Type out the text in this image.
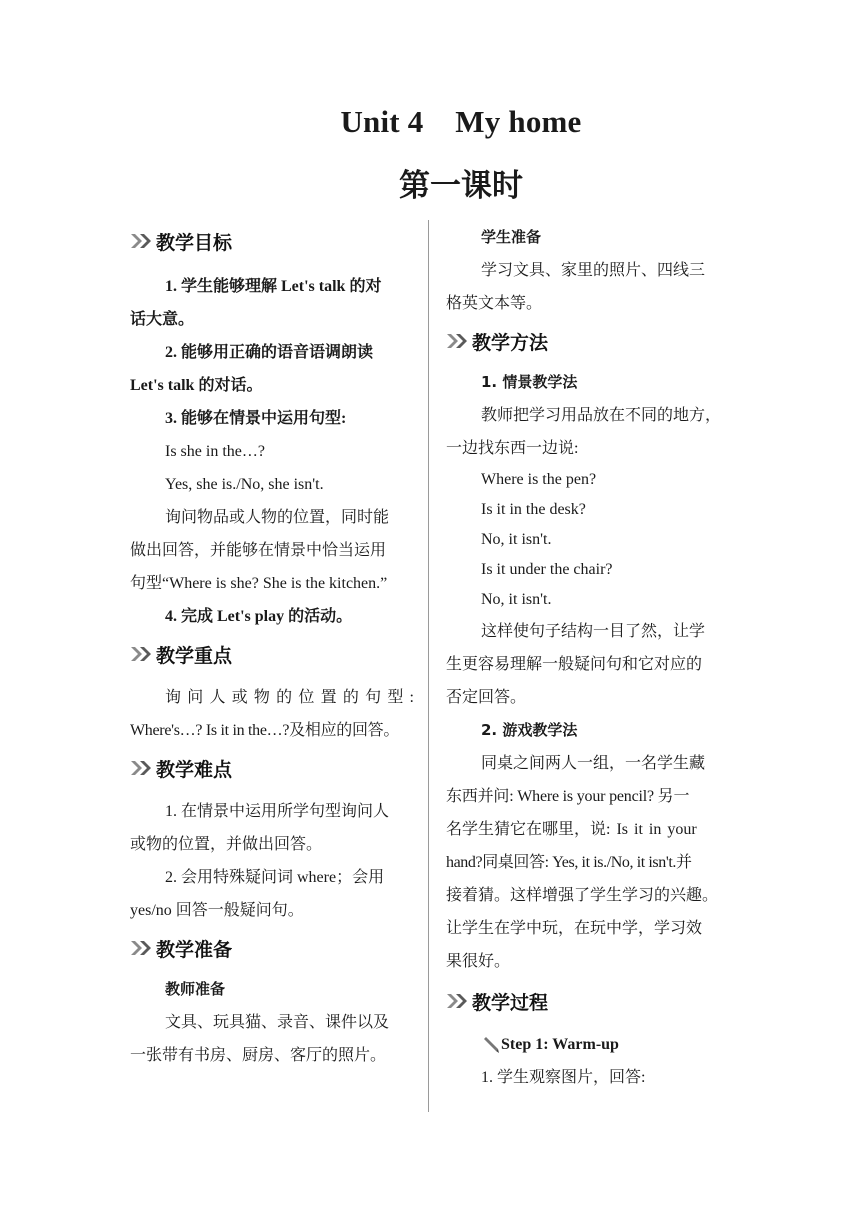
Unit 4    My home
第一课时
教学目标

1. 学生能够理解 Let's talk 的对

话大意。

2. 能够用正确的语音语调朗读

Let's talk 的对话。

3. 能够在情景中运用句型:

Is she in the…?

Yes, she is./No, she isn't.

询问物品或人物的位置，同时能

做出回答，并能够在情景中恰当运用

句型“Where is she? She is the kitchen.”

4. 完成 Let's play 的活动。

教学重点

询 问 人 或 物 的 位 置 的 句 型 :

Where's…? Is it in the…?及相应的回答。

教学难点

1. 在情景中运用所学句型询问人

或物的位置，并做出回答。

2. 会用特殊疑问词 where；会用

yes/no 回答一般疑问句。

教学准备

教师准备

文具、玩具猫、录音、课件以及

一张带有书房、厨房、客厅的照片。

学生准备

学习文具、家里的照片、四线三

格英文本等。

教学方法

1. 情景教学法

教师把学习用品放在不同的地方，

一边找东西一边说:

Where is the pen?

Is it in the desk?

No, it isn't.

Is it under the chair?

No, it isn't.

这样使句子结构一目了然，让学

生更容易理解一般疑问句和它对应的

否定回答。

2. 游戏教学法

同桌之间两人一组，一名学生藏

东西并问: Where is your pencil? 另一

名学生猜它在哪里，说: Is it in your

hand?同桌回答: Yes, it is./No, it isn't.并

接着猜。这样增强了学生学习的兴趣。

让学生在学中玩，在玩中学，学习效

果很好。

教学过程
Step 1: Warm-up

1. 学生观察图片，回答:
